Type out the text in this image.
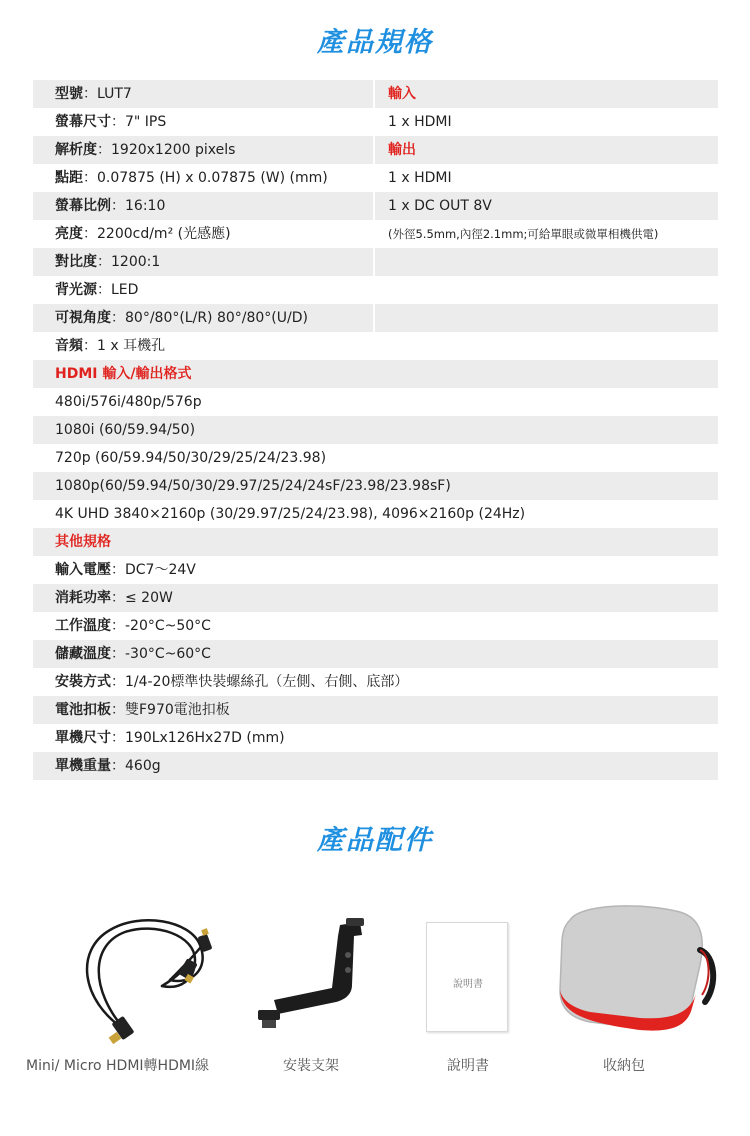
產品規格
型號：LUT7	輸入
螢幕尺寸：7" IPS	1 x HDMI
解析度：1920x1200 pixels	輸出
點距：0.07875 (H) x 0.07875 (W) (mm)	1 x HDMI
螢幕比例：16:10	1 x DC OUT 8V
亮度：2200cd/m² (光感應)	(外徑5.5mm,內徑2.1mm;可給單眼或微單相機供電)
對比度：1200:1
背光源：LED
可視角度：80°/80°(L/R) 80°/80°(U/D)
音頻：1 x 耳機孔
HDMI 輸入/輸出格式
480i/576i/480p/576p
1080i (60/59.94/50)
720p (60/59.94/50/30/29/25/24/23.98)
1080p(60/59.94/50/30/29.97/25/24/24sF/23.98/23.98sF)
4K UHD 3840×2160p (30/29.97/25/24/23.98), 4096×2160p (24Hz)
其他規格
輸入電壓：DC7～24V
消耗功率：≤ 20W
工作溫度：-20°C~50°C
儲藏溫度：-30°C~60°C
安裝方式：1/4-20標準快裝螺絲孔（左側、右側、底部）
電池扣板：雙F970電池扣板
單機尺寸：190Lx126Hx27D (mm)
單機重量：460g
產品配件
Mini/ Micro HDMI轉HDMI線	安裝支架
說明書
說明書	收納包
